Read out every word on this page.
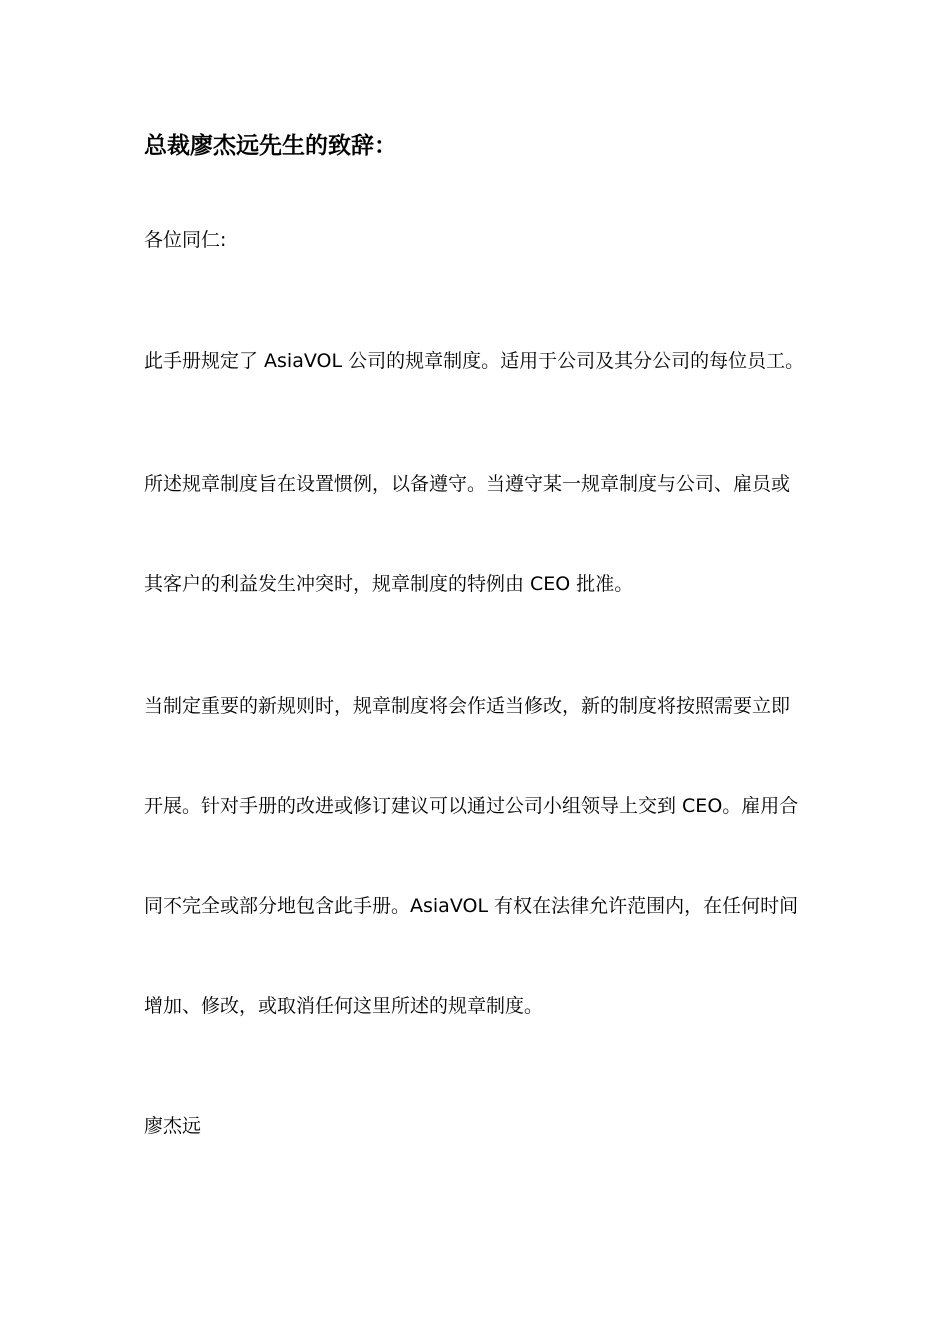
总裁廖杰远先生的致辞：
各位同仁:
此手册规定了 AsiaVOL 公司的规章制度。适用于公司及其分公司的每位员工。
所述规章制度旨在设置惯例，以备遵守。当遵守某一规章制度与公司、雇员或
其客户的利益发生冲突时，规章制度的特例由 CEO 批准。
当制定重要的新规则时，规章制度将会作适当修改，新的制度将按照需要立即
开展。针对手册的改进或修订建议可以通过公司小组领导上交到 CEO。雇用合
同不完全或部分地包含此手册。AsiaVOL 有权在法律允许范围内，在任何时间
增加、修改，或取消任何这里所述的规章制度。
廖杰远
